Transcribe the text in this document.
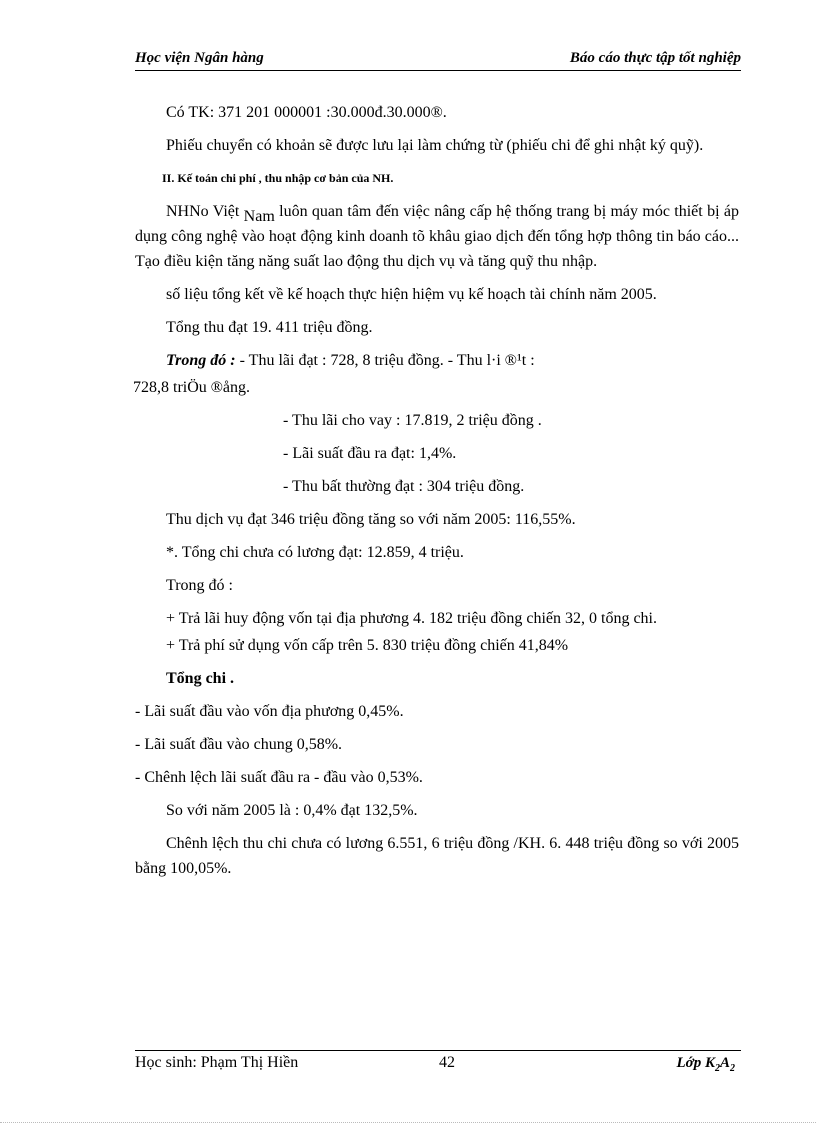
Học viện Ngân hàng	Báo cáo thực tập tốt nghiệp

Có TK: 371 201 000001 :30.000đ.30.000®.

Phiếu chuyển có khoản sẽ được lưu lại làm chứng từ (phiếu chi để ghi nhật ký quỹ).

II. Kế toán chi phí , thu nhập cơ bản của NH.

NHNo Việt Nam luôn quan tâm đến việc nâng cấp hệ thống trang bị máy móc thiết bị áp dụng công nghệ vào hoạt động kinh doanh tõ khâu giao dịch đến tổng hợp thông tin báo cáo... Tạo điều kiện tăng năng suất lao động thu dịch vụ và tăng quỹ thu nhập.

số liệu tổng kết về kế hoạch thực hiện hiệm vụ kế hoạch tài chính năm 2005.

Tổng thu đạt 19. 411 triệu đồng.

Trong đó : - Thu lãi đạt : 728, 8 triệu đồng. - Thu l·i ®¹t :

728,8 triÖu ®ång.

- Thu lãi cho vay : 17.819, 2 triệu đồng .

- Lãi suất đầu ra đạt: 1,4%.

- Thu bất thường đạt : 304 triệu đồng.

Thu dịch vụ đạt 346 triệu đồng tăng so với năm 2005: 116,55%.

*. Tổng chi chưa có lương đạt: 12.859, 4 triệu.

Trong đó :

+ Trả lãi huy động vốn tại địa phương 4. 182 triệu đồng chiến 32, 0 tổng chi.

+ Trả phí sử dụng vốn cấp trên 5. 830 triệu đồng chiến 41,84%

Tổng chi .

- Lãi suất đầu vào vốn địa phương 0,45%.

- Lãi suất đầu vào chung 0,58%.

- Chênh lệch lãi suất đầu ra - đầu vào 0,53%.

So với năm 2005 là : 0,4% đạt 132,5%.

Chênh lệch thu chi chưa có lương 6.551, 6 triệu đồng /KH. 6. 448 triệu đồng so với 2005 bằng 100,05%.

Học sinh: Phạm Thị Hiền	42	Lớp $K_2A_2$
